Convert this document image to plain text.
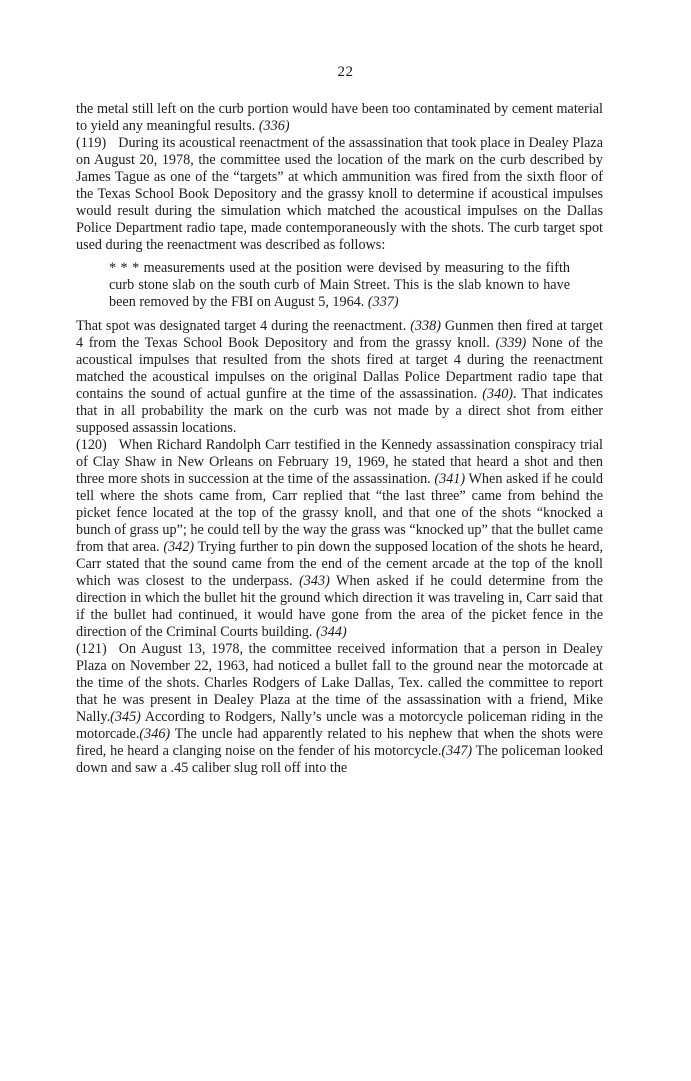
22

the metal still left on the curb portion would have been too contaminated by cement material to yield any meaningful results. (336)

(119) During its acoustical reenactment of the assassination that took place in Dealey Plaza on August 20, 1978, the committee used the location of the mark on the curb described by James Tague as one of the “targets” at which ammunition was fired from the sixth floor of the Texas School Book Depository and the grassy knoll to determine if acoustical impulses would result during the simulation which matched the acoustical impulses on the Dallas Police Department radio tape, made contemporaneously with the shots. The curb target spot used during the reenactment was described as follows:

* * * measurements used at the position were devised by measuring to the fifth curb stone slab on the south curb of Main Street. This is the slab known to have been removed by the FBI on August 5, 1964. (337)

That spot was designated target 4 during the reenactment. (338) Gunmen then fired at target 4 from the Texas School Book Depository and from the grassy knoll. (339) None of the acoustical impulses that resulted from the shots fired at target 4 during the reenactment matched the acoustical impulses on the original Dallas Police Department radio tape that contains the sound of actual gunfire at the time of the assassination. (340). That indicates that in all probability the mark on the curb was not made by a direct shot from either supposed assassin locations.

(120) When Richard Randolph Carr testified in the Kennedy assassination conspiracy trial of Clay Shaw in New Orleans on February 19, 1969, he stated that heard a shot and then three more shots in succession at the time of the assassination. (341) When asked if he could tell where the shots came from, Carr replied that “the last three” came from behind the picket fence located at the top of the grassy knoll, and that one of the shots “knocked a bunch of grass up”; he could tell by the way the grass was “knocked up” that the bullet came from that area. (342) Trying further to pin down the supposed location of the shots he heard, Carr stated that the sound came from the end of the cement arcade at the top of the knoll which was closest to the underpass. (343) When asked if he could determine from the direction in which the bullet hit the ground which direction it was traveling in, Carr said that if the bullet had continued, it would have gone from the area of the picket fence in the direction of the Criminal Courts building. (344)

(121) On August 13, 1978, the committee received information that a person in Dealey Plaza on November 22, 1963, had noticed a bullet fall to the ground near the motorcade at the time of the shots. Charles Rodgers of Lake Dallas, Tex. called the committee to report that he was present in Dealey Plaza at the time of the assassination with a friend, Mike Nally.(345) According to Rodgers, Nally’s uncle was a motorcycle policeman riding in the motorcade.(346) The uncle had apparently related to his nephew that when the shots were fired, he heard a clanging noise on the fender of his motorcycle.(347) The policeman looked down and saw a .45 caliber slug roll off into the
